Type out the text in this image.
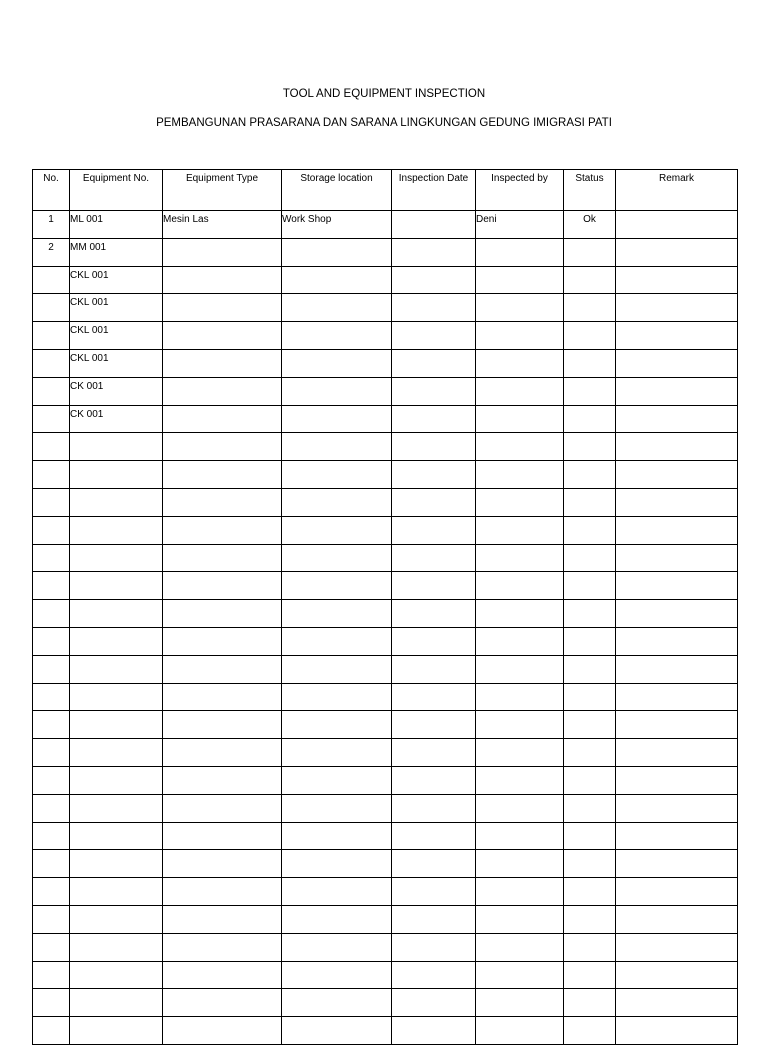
TOOL AND EQUIPMENT INSPECTION
PEMBANGUNAN PRASARANA DAN SARANA LINGKUNGAN GEDUNG IMIGRASI PATI
No.	Equipment No.	Equipment Type	Storage location	Inspection Date	Inspected by	Status	Remark
1	ML 001	Mesin Las	Work Shop		Deni	Ok	
2	MM 001						
	CKL 001						
	CKL 001						
	CKL 001						
	CKL 001						
	CK 001						
	CK 001						
